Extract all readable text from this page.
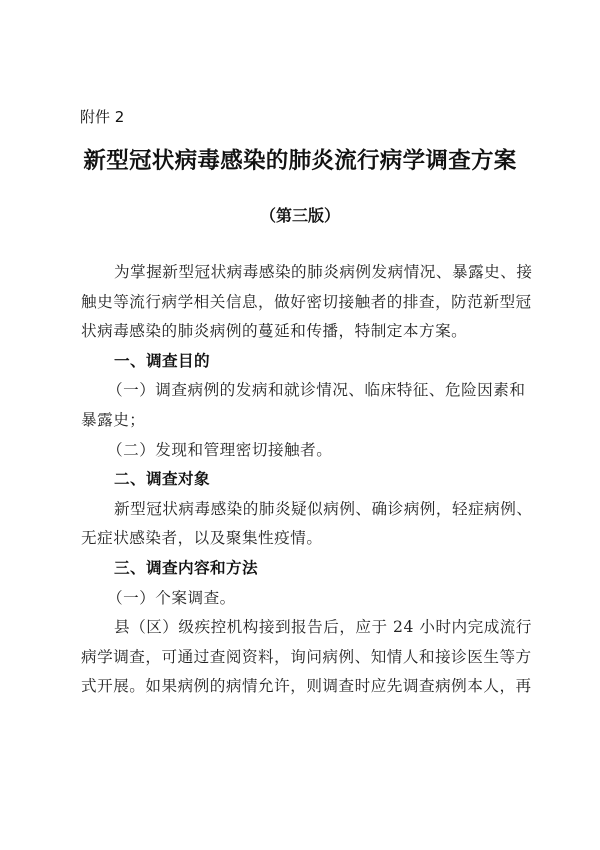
附件 2
新型冠状病毒感染的肺炎流行病学调查方案
（第三版）
为掌握新型冠状病毒感染的肺炎病例发病情况、暴露史、接
触史等流行病学相关信息，做好密切接触者的排查，防范新型冠
状病毒感染的肺炎病例的蔓延和传播，特制定本方案。
一、调查目的
（一）调查病例的发病和就诊情况、临床特征、危险因素和
暴露史；
（二）发现和管理密切接触者。
二、调查对象
新型冠状病毒感染的肺炎疑似病例、确诊病例，轻症病例、
无症状感染者，以及聚集性疫情。
三、调查内容和方法
（一）个案调查。
县（区）级疾控机构接到报告后，应于 24 小时内完成流行
病学调查，可通过查阅资料，询问病例、知情人和接诊医生等方
式开展。如果病例的病情允许，则调查时应先调查病例本人，再
